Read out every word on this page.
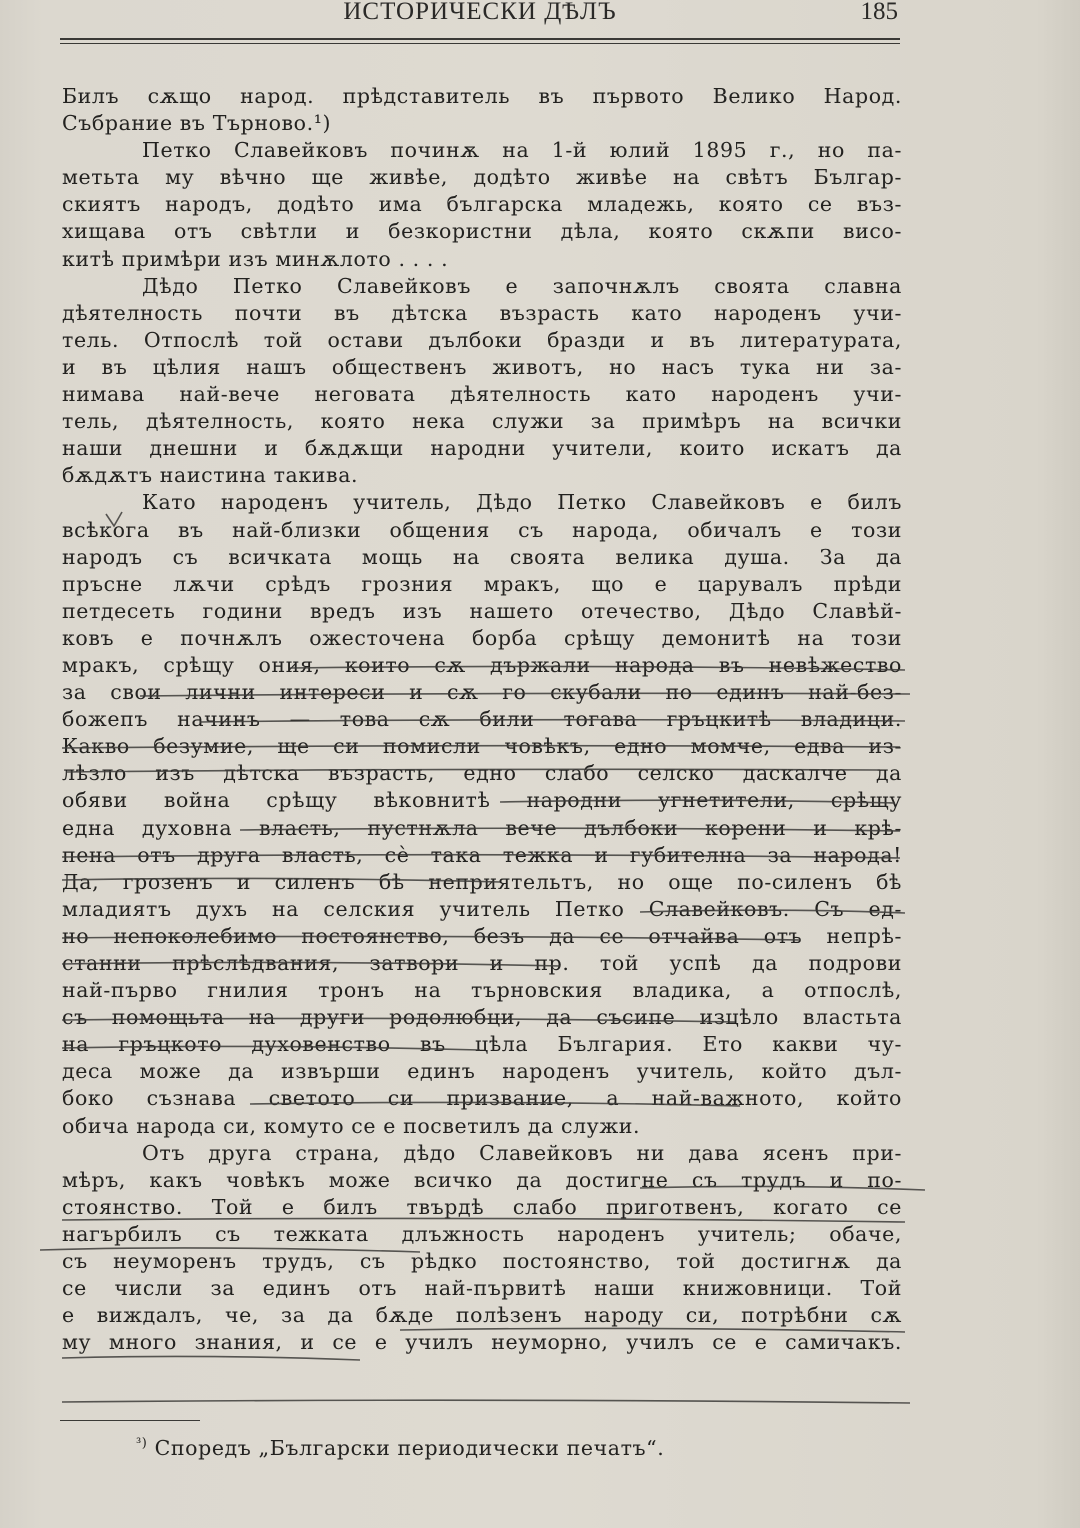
ИСТОРИЧЕСКИ ДѢЛЪ	185
Билъ сѫщо народ. прѣдставитель въ първото Велико Народ.
Събрание въ Търново.¹)
Петко Славейковъ починѫ на 1-й юлий 1895 г., но па-
метьта му вѣчно ще живѣе, додѣто живѣе на свѣтъ Българ-
скиятъ народъ, додѣто има българска младежь, която се въз-
хищава отъ свѣтли и безкористни дѣла, която скѫпи висо-
китѣ примѣри изъ минѫлото . . . .
Дѣдо Петко Славейковъ е започнѫлъ своята славна
дѣятелность почти въ дѣтска възрасть като народенъ учи-
тель. Отпослѣ той остави дълбоки бразди и въ литературата,
и въ цѣлия нашъ общественъ животъ, но насъ тука ни за-
нимава най-вече неговата дѣятелность като народенъ учи-
тель, дѣятелность, която нека служи за примѣръ на всички
наши днешни и бѫдѫщи народни учители, които искатъ да
бѫдѫтъ наистина такива.
Като народенъ учитель, Дѣдо Петко Славейковъ е билъ
всѣкога въ най-близки общения съ народа, обичалъ е този
народъ съ всичката мощь на своята велика душа. За да
пръсне лѫчи срѣдъ грозния мракъ, що е царувалъ прѣди
петдесеть години вредъ изъ нашето отечество, Дѣдо Славѣй-
ковъ е почнѫлъ ожесточена борба срѣщу демонитѣ на този
мракъ, срѣщу ония, които сѫ държали народа въ невѣжество
за свои лични интереси и сѫ го скубали по единъ най-без-
божепъ начинъ — това сѫ били тогава гръцкитѣ владици.
Какво безумие, ще си помисли човѣкъ, едно момче, едва из-
лѣзло изъ дѣтска възрасть, едно слабо селско даскалче да
обяви война срѣщу вѣковнитѣ народни угнетители, срѣщу
една духовна власть, пустнѫла вече дълбоки корени и крѣ-
пена отъ друга власть, сѐ така тежка и губителна за народа!
Да, грозенъ и силенъ бѣ неприятельтъ, но още по-силенъ бѣ
младиятъ духъ на селския учитель Петко Славейковъ. Съ ед-
но непоколебимо постоянство, безъ да се отчайва отъ непрѣ-
станни прѣслѣдвания, затвори и пр. той успѣ да подрови
най-първо гнилия тронъ на търновския владика, а отпослѣ,
съ помощьта на други родолюбци, да съсипе изцѣло властьта
на гръцкото духовенство въ цѣла България. Ето какви чу-
деса може да извърши единъ народенъ учитель, който дъл-
боко съзнава светото си призвание, а най-важното, който
обича народа си, комуто се е посветилъ да служи.
Отъ друга страна, дѣдо Славейковъ ни дава ясенъ при-
мѣръ, какъ човѣкъ може всичко да достигне съ трудъ и по-
стоянство. Той е билъ твърдѣ слабо приготвенъ, когато се
нагърбилъ съ тежката длъжность народенъ учитель; обаче,
съ неуморенъ трудъ, съ рѣдко постоянство, той достигнѫ да
се числи за единъ отъ най-първитѣ наши книжовници. Той
е виждалъ, че, за да бѫде полѣзенъ народу си, потрѣбни сѫ
му много знания, и се е училъ неуморно, училъ се е самичакъ.
$^{^3)}$ Споредъ „Български периодически печатъ“.
